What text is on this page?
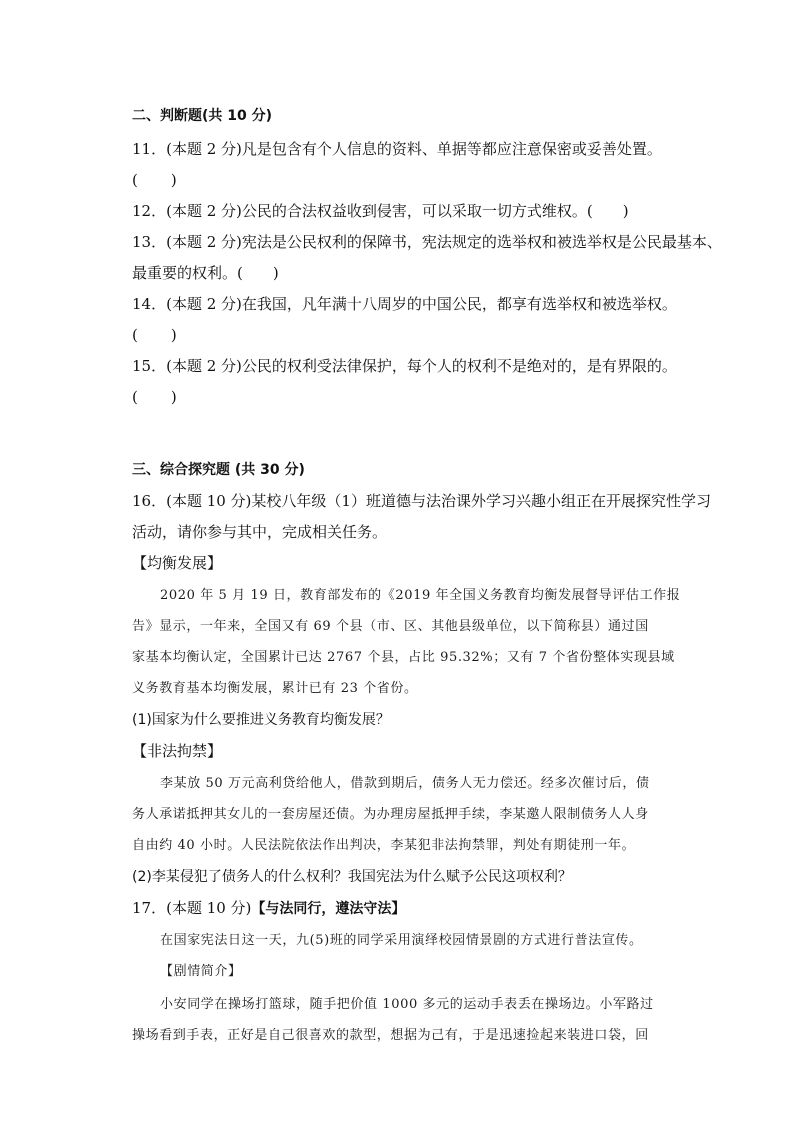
二、判断题(共 10 分)
11．(本题 2 分)凡是包含有个人信息的资料、单据等都应注意保密或妥善处置。
(　　)
12．(本题 2 分)公民的合法权益收到侵害，可以采取一切方式维权。(　　)
13．(本题 2 分)宪法是公民权利的保障书，宪法规定的选举权和被选举权是公民最基本、
最重要的权利。(　　)
14．(本题 2 分)在我国，凡年满十八周岁的中国公民，都享有选举权和被选举权。
(　　)
15．(本题 2 分)公民的权利受法律保护，每个人的权利不是绝对的，是有界限的。
(　　)
三、综合探究题 (共 30 分)
16．(本题 10 分)某校八年级（1）班道德与法治课外学习兴趣小组正在开展探究性学习
活动，请你参与其中，完成相关任务。
【均衡发展】
2020 年 5 月 19 日，教育部发布的《2019 年全国义务教育均衡发展督导评估工作报
告》显示，一年来，全国又有 69 个县（市、区、其他县级单位，以下简称县）通过国
家基本均衡认定，全国累计已达 2767 个县，占比 95.32%；又有 7 个省份整体实现县域
义务教育基本均衡发展，累计已有 23 个省份。
(1)国家为什么要推进义务教育均衡发展？
【非法拘禁】
李某放 50 万元高利贷给他人，借款到期后，债务人无力偿还。经多次催讨后，债
务人承诺抵押其女儿的一套房屋还债。为办理房屋抵押手续，李某邀人限制债务人人身
自由约 40 小时。人民法院依法作出判决，李某犯非法拘禁罪，判处有期徒刑一年。
(2)李某侵犯了债务人的什么权利？我国宪法为什么赋予公民这项权利？
17．(本题 10 分)【与法同行，遵法守法】
在国家宪法日这一天，九(5)班的同学采用演绎校园情景剧的方式进行普法宣传。
【剧情简介】
小安同学在操场打篮球，随手把价值 1000 多元的运动手表丢在操场边。小军路过
操场看到手表，正好是自己很喜欢的款型，想据为己有，于是迅速捡起来装进口袋，回
